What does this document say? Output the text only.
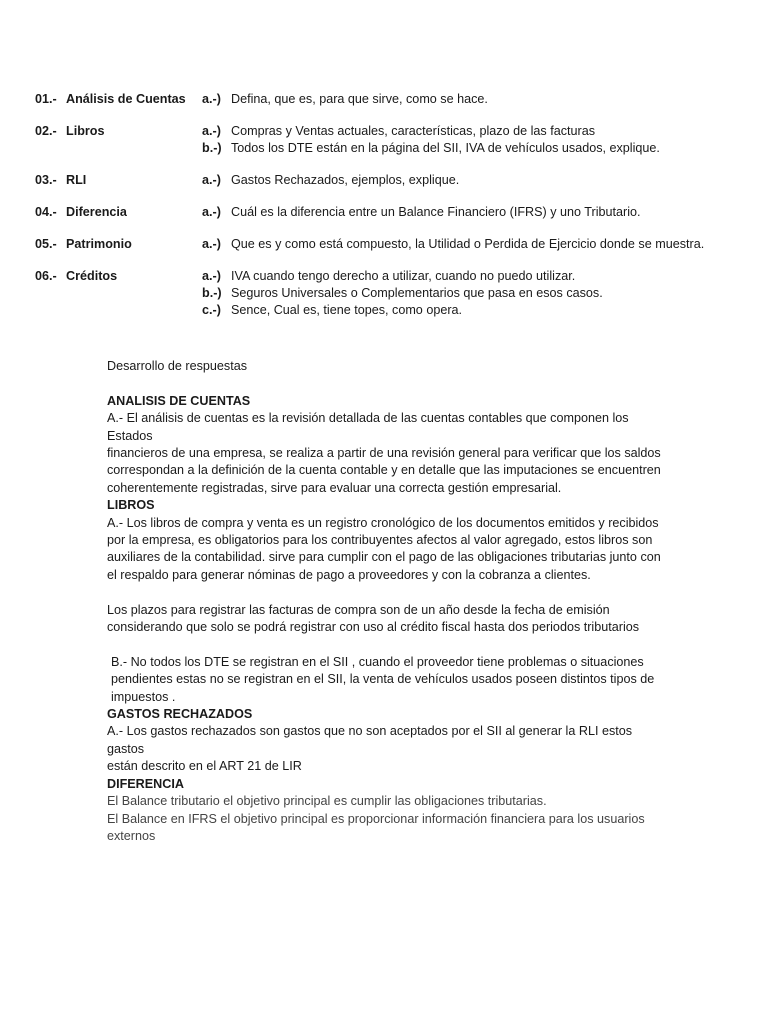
01.- Análisis de Cuentas	a.-) Defina, que es, para que sirve, como se hace.
02.- Libros	a.-) Compras y Ventas actuales, características, plazo de las facturas
b.-) Todos los DTE están en la página del SII, IVA de vehículos usados, explique.
03.- RLI	a.-) Gastos Rechazados, ejemplos, explique.
04.- Diferencia	a.-) Cuál es la diferencia entre un Balance Financiero (IFRS) y uno Tributario.
05.- Patrimonio	a.-) Que es y como está compuesto, la Utilidad o Perdida de Ejercicio donde se muestra.
06.- Créditos	a.-) IVA cuando tengo derecho a utilizar, cuando no puedo utilizar.
b.-) Seguros Universales o Complementarios que pasa en esos casos.
c.-) Sence, Cual es, tiene topes, como opera.

Desarrollo de respuestas

ANALISIS DE CUENTAS

A.- El análisis de cuentas es la revisión detallada de las cuentas contables que componen los Estados
financieros de una empresa, se realiza a partir de una revisión general para verificar que los saldos
correspondan a la definición de la cuenta contable y en detalle que las imputaciones se encuentren
coherentemente registradas, sirve para evaluar una correcta gestión empresarial.

LIBROS

A.- Los libros de compra y venta es un registro cronológico de los documentos emitidos y recibidos
por la empresa, es obligatorios para los contribuyentes afectos al valor agregado, estos libros son
auxiliares de la contabilidad. sirve para cumplir con el pago de las obligaciones tributarias junto con
el respaldo para generar nóminas de pago a proveedores y con la cobranza a clientes.
Los plazos para registrar las facturas de compra son de un año desde la fecha de emisión
considerando que solo se podrá registrar con uso al crédito fiscal hasta dos periodos tributarios
B.- No todos los DTE se registran en el SII , cuando el proveedor tiene problemas o situaciones
pendientes estas no se registran en el SII, la venta de vehículos usados poseen distintos tipos de
impuestos .

GASTOS RECHAZADOS

A.- Los gastos rechazados son gastos que no son aceptados por el SII al generar la RLI estos gastos
están descrito en el ART 21 de LIR

DIFERENCIA

El Balance tributario el objetivo principal es cumplir las obligaciones tributarias.
El Balance en IFRS el objetivo principal es proporcionar información financiera para los usuarios
externos
